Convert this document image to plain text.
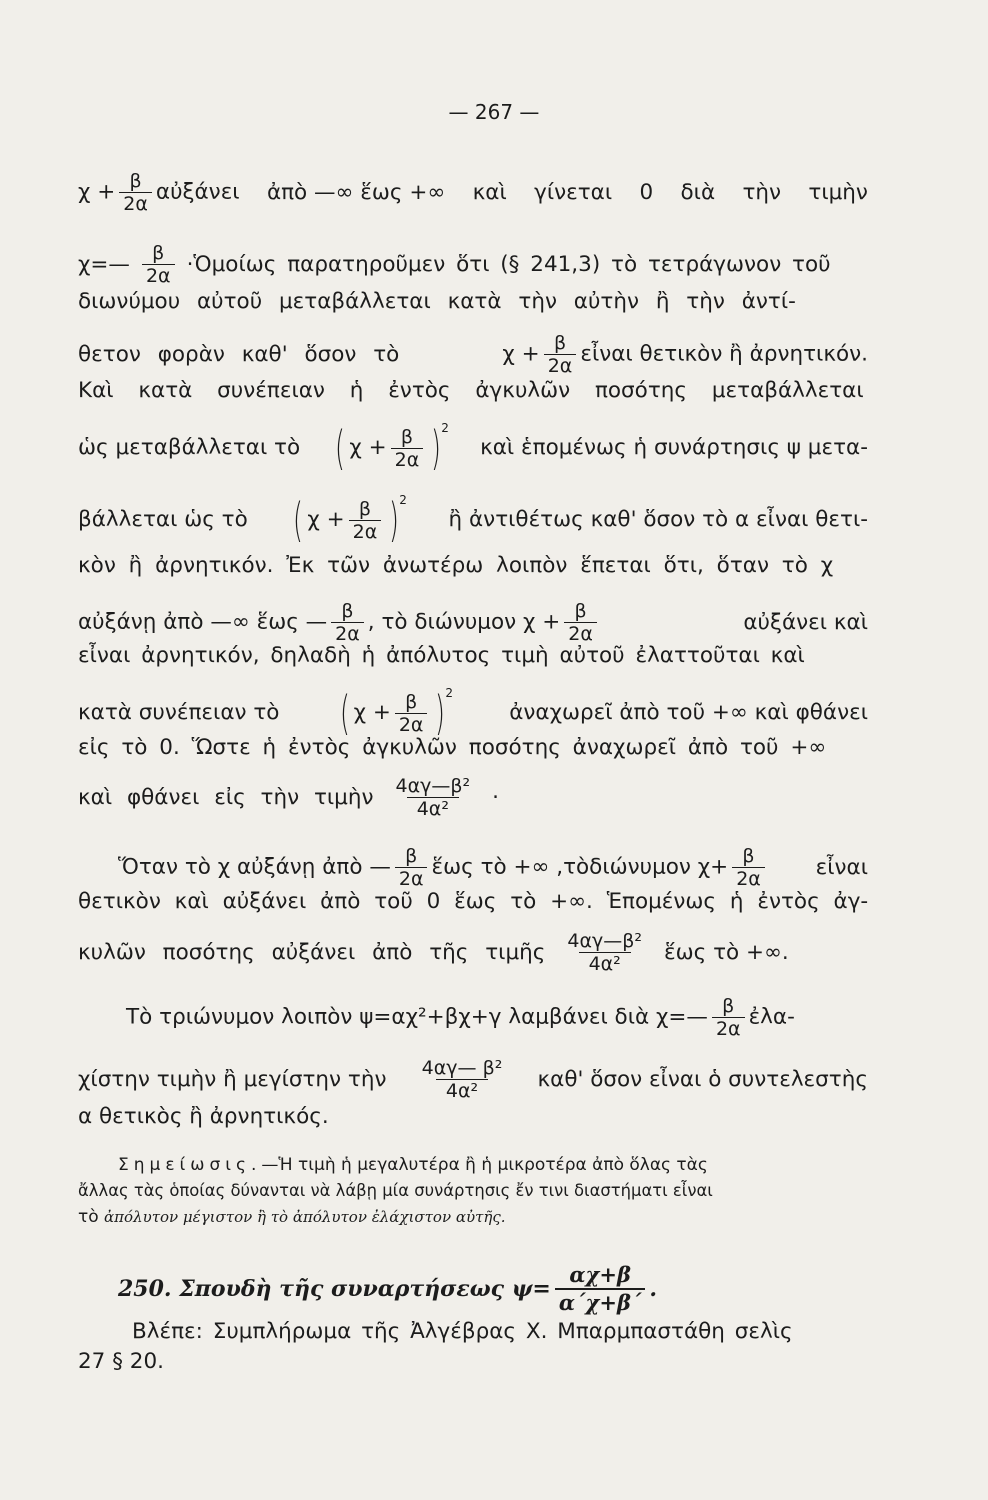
— 267 —
$\chi + \frac{\beta}{2\alpha}$ αὐξάνει ἀπὸ —∞ ἕως +∞ καὶ γίνεται 0 διὰ τὴν τιμὴν
χ=— $\frac{\beta}{2\alpha}$ ·Ὁμοίως παρατηροῦμεν ὅτι (§ 241,3) τὸ τετράγωνον τοῦ
διωνύμου αὐτοῦ μεταβάλλεται κατὰ τὴν αὐτὴν ἢ τὴν ἀντί-
θετον φορὰν καθ' ὅσον τὸ	$\chi + \frac{\beta}{2\alpha}$ εἶναι θετικὸν ἢ ἀρνητικόν.
Καὶ κατὰ συνέπειαν ἡ ἐντὸς ἀγκυλῶν ποσότης μεταβάλλεται
ὡς μεταβάλλεται τὸ ( $\chi + \frac{\beta}{2\alpha} )^2$
καὶ ἑπομένως ἡ συνάρτησις ψ μετα-
βάλλεται ὡς τὸ ( $\chi + \frac{\beta}{2\alpha} )^2$
ἢ ἀντιθέτως καθ' ὅσον τὸ α εἶναι θετι-
κὸν ἢ ἀρνητικόν. Ἐκ τῶν ἀνωτέρω λοιπὸν ἕπεται ὅτι, ὅταν τὸ χ
αὐξάνῃ ἀπὸ —∞ ἕως — $\frac{\beta}{2\alpha}$ , τὸ διώνυμον $\chi + \frac{\beta}{2\alpha}$	αὐξάνει καὶ
εἶναι ἀρνητικόν, δηλαδὴ ἡ ἀπόλυτος τιμὴ αὐτοῦ ἐλαττοῦται καὶ
κατὰ συνέπειαν τὸ ( $\chi + \frac{\beta}{2\alpha} )^2$
ἀναχωρεῖ ἀπὸ τοῦ +∞ καὶ φθάνει
εἰς τὸ 0. Ὥστε ἡ ἐντὸς ἀγκυλῶν ποσότης ἀναχωρεῖ ἀπὸ τοῦ +∞
καὶ φθάνει εἰς τὴν τιμὴν $\frac{\text{4αγ—β²}}{\text{4α²}}$ ·
Ὅταν τὸ χ αὐξάνῃ ἀπὸ — $\frac{\beta}{2\alpha}$ ἕως τὸ +∞ ,τὸδιώνυμον $\chi+ \frac{\beta}{2\alpha}$ εἶναι
θετικὸν καὶ αὐξάνει ἀπὸ τοῦ 0 ἕως τὸ +∞. Ἑπομένως ἡ ἐντὸς ἀγ-
κυλῶν ποσότης αὐξάνει ἀπὸ τῆς τιμῆς $\frac{\text{4αγ—β²}}{\text{4α²}}$ ἕως τὸ +∞.
Τὸ τριώνυμον λοιπὸν ψ=αχ²+βχ+γ λαμβάνει διὰ χ=— $\frac{\beta}{2\alpha}$ ἐλα-
χίστην τιμὴν ἢ μεγίστην τὴν $\frac{\text{4αγ— β²}}{\text{4α²}} \kappa\alpha\theta'$ ὅσον εἶναι ὁ συντελεστὴς
α θετικὸς ἢ ἀρνητικός.
Σημείωσις.—Ἡ τιμὴ ἡ μεγαλυτέρα ἢ ἡ μικροτέρα ἀπὸ ὅλας τὰς
ἄλλας τὰς ὁποίας δύνανται νὰ λάβῃ μία συνάρτησις ἔν τινι διαστήματι εἶναι
τὸ ἀπόλυτον μέγιστον ἢ τὸ ἀπόλυτον ἐλάχιστον αὐτῆς.
250. Σπουδὴ τῆς συναρτήσεως $\psi= \frac{\alpha\chi+\beta}{\alpha΄\chi+\beta΄}$ .
Βλέπε: Συμπλήρωμα τῆς Ἀλγέβρας Χ. Μπαρμπαστάθη σελὶς
27 § 20.
